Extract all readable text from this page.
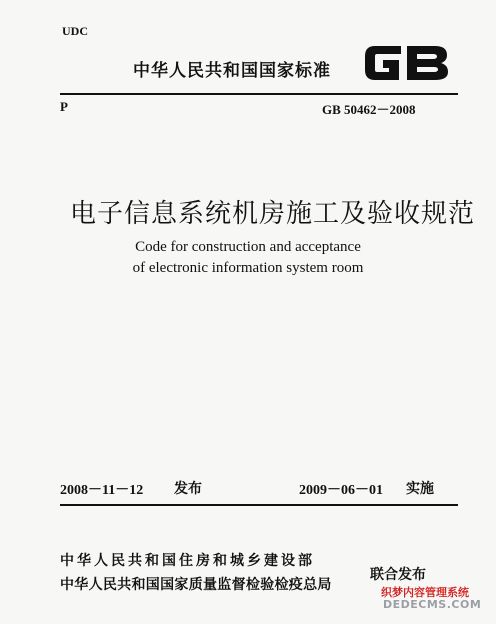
UDC
中华人民共和国国家标准
P	GB 50462－2008
电子信息系统机房施工及验收规范
Code for construction and acceptance
of electronic information system room
2008－11－12 发布	2009－06－01 实施
中华人民共和国住房和城乡建设部
中华人民共和国国家质量监督检验检疫总局
联合发布
织梦内容管理系统
DEDECMS.COM
